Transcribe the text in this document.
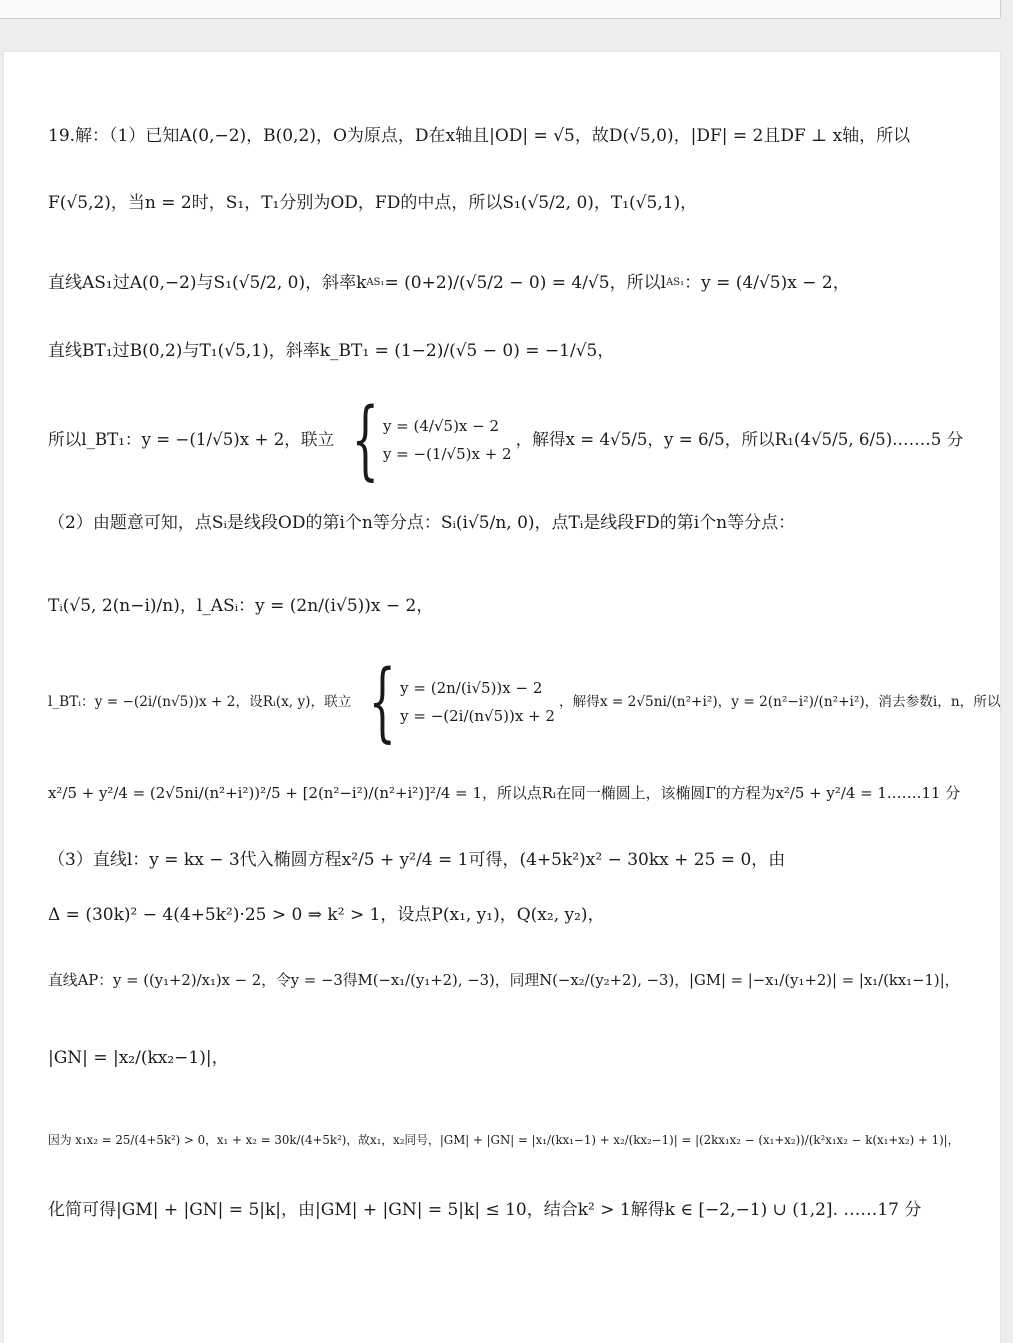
19.解：（1）已知A(0,−2)，B(0,2)，O为原点，D在x轴且|OD| = √5，故D(√5,0)，|DF| = 2且DF ⊥ x轴，所以
F(√5,2)，当n = 2时，S₁，T₁分别为OD，FD的中点，所以S₁(√5/2, 0)，T₁(√5,1)，
直线AS₁过A(0,−2)与S₁(√5/2, 0)，斜率k AS₁ = (0+2)/(√5/2 − 0) = 4/√5，所以l AS₁ ：y = (4/√5)x − 2，
直线BT₁过B(0,2)与T₁(√5,1)，斜率k_BT₁ = (1−2)/(√5 − 0) = −1/√5，
所以l_BT₁：y = −(1/√5)x + 2，联立 { y = (4/√5)x − 2
y = −(1/√5)x + 2
，解得x = 4√5/5，y = 6/5，所以R₁(4√5/5, 6/5) .……5 分
（2）由题意可知，点Sᵢ是线段OD的第i个n等分点：Sᵢ(i√5/n, 0)，点Tᵢ是线段FD的第i个n等分点：
Tᵢ(√5, 2(n−i)/n)，l_ASᵢ：y = (2n/(i√5))x − 2，
l_BTᵢ：y = −(2i/(n√5))x + 2，设Rᵢ(x, y)，联立 { y = (2n/(i√5))x − 2
y = −(2i/(n√5))x + 2
，解得x = 2√5ni/(n²+i²)，y = 2(n²−i²)/(n²+i²)，消去参数i，n，所以
x²/5 + y²/4 = (2√5ni/(n²+i²))²/5 + [2(n²−i²)/(n²+i²)]²/4 = 1，所以点Rᵢ在同一椭圆上，该椭圆Γ的方程为x²/5 + y²/4 = 1 .……11 分
（3）直线l：y = kx − 3代入椭圆方程x²/5 + y²/4 = 1可得，(4+5k²)x² − 30kx + 25 = 0，由
Δ = (30k)² − 4(4+5k²)·25 > 0 ⇒ k² > 1，设点P(x₁, y₁)，Q(x₂, y₂)，
直线AP：y = ((y₁+2)/x₁)x − 2，令y = −3得M(−x₁/(y₁+2), −3)，同理N(−x₂/(y₂+2), −3)，|GM| = |−x₁/(y₁+2)| = |x₁/(kx₁−1)|，
|GN| = |x₂/(kx₂−1)|，
因为 x₁x₂ = 25/(4+5k²) > 0，x₁ + x₂ = 30k/(4+5k²)，故x₁，x₂同号，|GM| + |GN| = |x₁/(kx₁−1) + x₂/(kx₂−1)| = |(2kx₁x₂ − (x₁+x₂))/(k²x₁x₂ − k(x₁+x₂) + 1)|，
化简可得|GM| + |GN| = 5|k|，由|GM| + |GN| = 5|k| ≤ 10，结合k² > 1解得k ∈ [−2,−1) ∪ (1,2] . ……17 分
